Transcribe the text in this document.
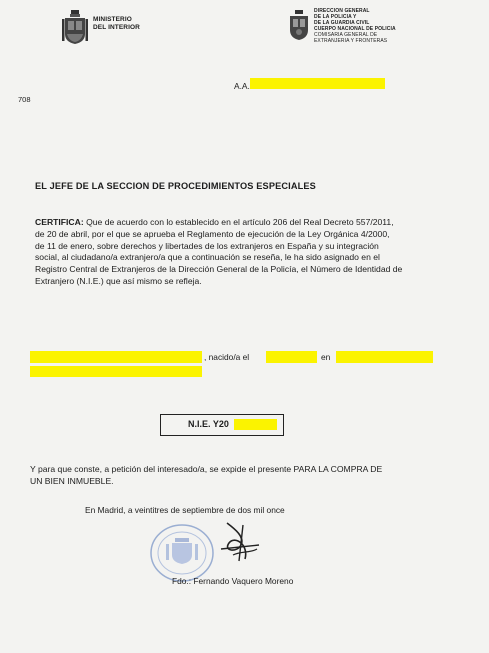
MINISTERIO
DEL INTERIOR
DIRECCION GENERAL
DE LA POLICIA Y
DE LA GUARDIA CIVIL
CUERPO NACIONAL DE POLICIA
COMISARIA GENERAL DE
EXTRANJERIA Y FRONTERAS
A.A.
708
EL JEFE DE LA SECCION DE PROCEDIMIENTOS ESPECIALES
CERTIFICA: Que de acuerdo con lo establecido en el artículo 206 del Real Decreto 557/2011,
de 20 de abril, por el que se aprueba el Reglamento de ejecución de la Ley Orgánica 4/2000,
de 11 de enero, sobre derechos y libertades de los extranjeros en España y su integración
social, al ciudadano/a extranjero/a que a continuación se reseña, le ha sido asignado en el
Registro Central de Extranjeros de la Dirección General de la Policía, el Número de Identidad de
Extranjero (N.I.E.) que así mismo se refleja.
, nacido/a el	en
N.I.E. Y20
Y para que conste, a petición del interesado/a, se expide el presente PARA LA COMPRA DE
UN BIEN INMUEBLE.
En Madrid, a veintitres de septiembre de dos mil once
Fdo.: Fernando Vaquero Moreno
